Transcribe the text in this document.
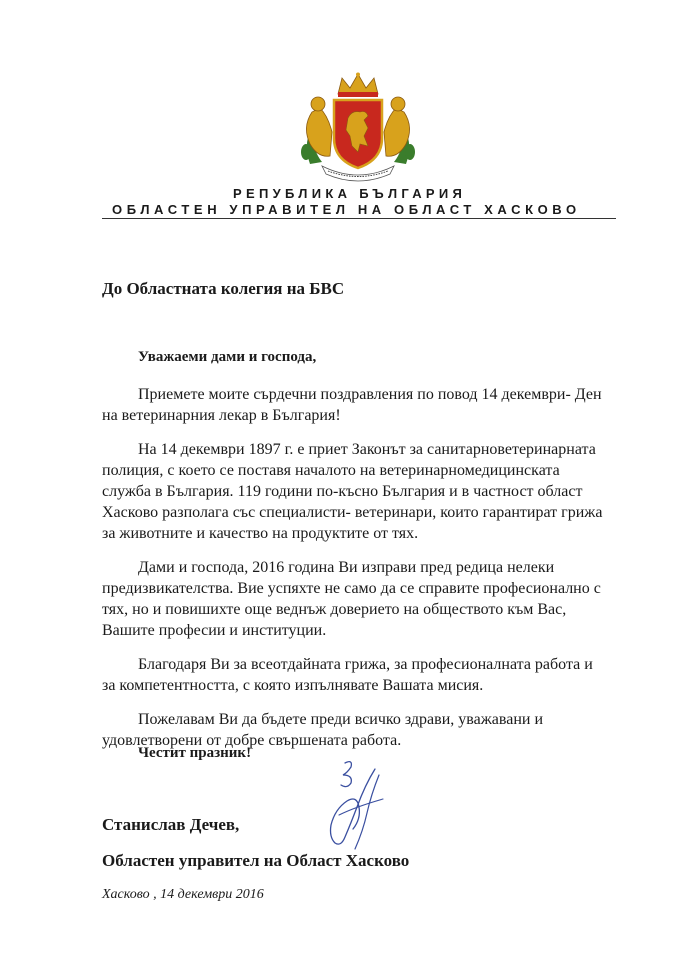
РЕПУБЛИКА БЪЛГАРИЯ
ОБЛАСТЕН УПРАВИТЕЛ НА ОБЛАСТ ХАСКОВО
До Областната колегия на БВС
Уважаеми дами и господа,

Приемете моите сърдечни поздравления по повод 14 декември- Ден на ветеринарния лекар в България!

На 14 декември 1897 г. е приет Законът за санитарноветеринарната полиция, с което се поставя началото на ветеринарномедицинската служба в България. 119 години по-късно България и в частност област Хасково разполага със специалисти- ветеринари, които гарантират грижа за животните и качество на продуктите от тях.

Дами и господа, 2016 година Ви изправи пред редица нелеки предизвикателства. Вие успяхте не само да се справите професионално с тях, но и повишихте още веднъж доверието на обществото към Вас, Вашите професии и институции.

Благодаря Ви за всеотдайната грижа, за професионалната работа и за компетентността, с която изпълнявате Вашата мисия.

Пожелавам Ви да бъдете преди всичко здрави, уважавани и удовлетворени от добре свършената работа.

Честит празник!
Станислав Дечев,
Областен управител на Област Хасково
Хасково , 14 декември 2016
